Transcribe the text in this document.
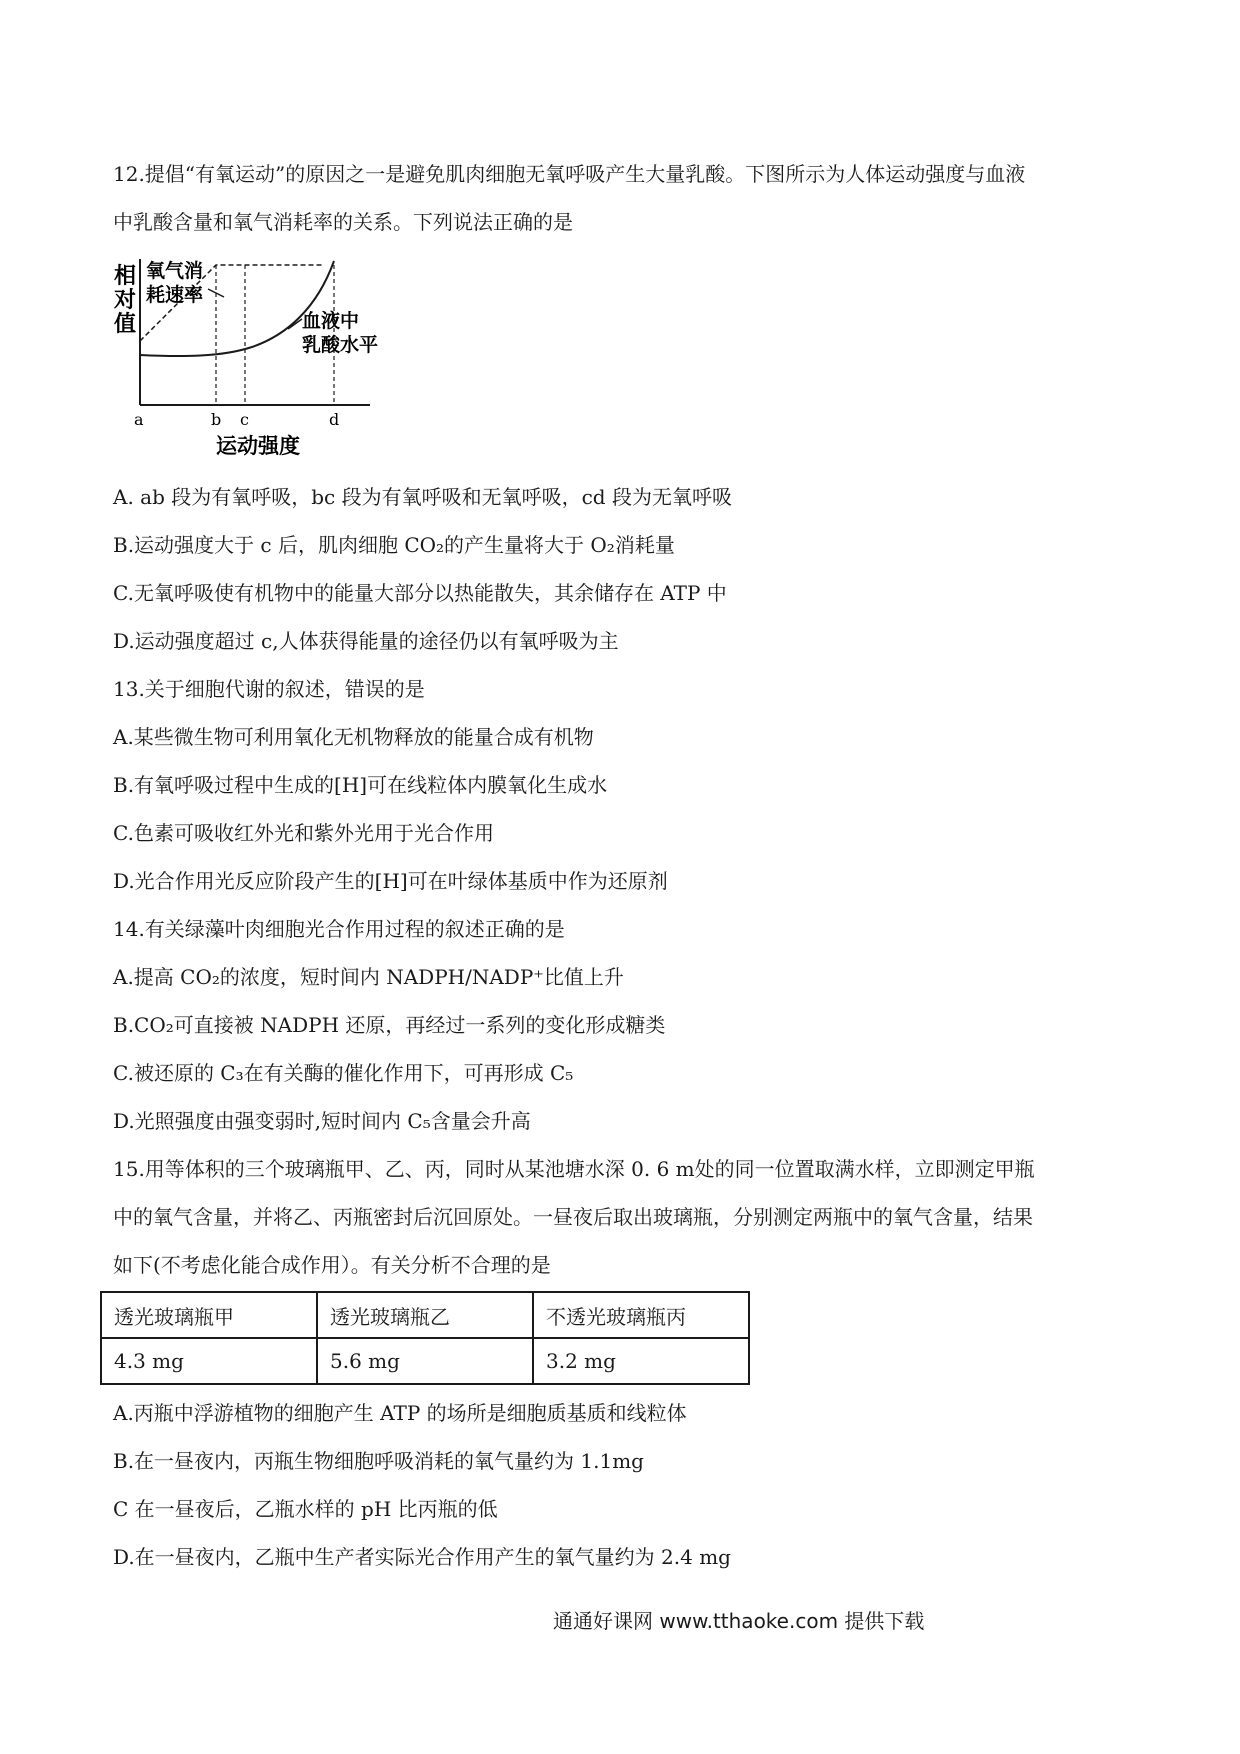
12.提倡“有氧运动”的原因之一是避免肌肉细胞无氧呼吸产生大量乳酸。下图所示为人体运动强度与血液
中乳酸含量和氧气消耗率的关系。下列说法正确的是
相
对
值
氧气消
耗速率
血液中
乳酸水平
a	b c	d
运动强度
A. ab 段为有氧呼吸，bc 段为有氧呼吸和无氧呼吸，cd 段为无氧呼吸
B.运动强度大于 c 后，肌肉细胞 CO₂的产生量将大于 O₂消耗量
C.无氧呼吸使有机物中的能量大部分以热能散失，其余储存在 ATP 中
D.运动强度超过 c,人体获得能量的途径仍以有氧呼吸为主
13.关于细胞代谢的叙述，错误的是
A.某些微生物可利用氧化无机物释放的能量合成有机物
B.有氧呼吸过程中生成的[H]可在线粒体内膜氧化生成水
C.色素可吸收红外光和紫外光用于光合作用
D.光合作用光反应阶段产生的[H]可在叶绿体基质中作为还原剂
14.有关绿藻叶肉细胞光合作用过程的叙述正确的是
A.提高 CO₂的浓度，短时间内 NADPH/NADP⁺比值上升
B.CO₂可直接被 NADPH 还原，再经过一系列的变化形成糖类
C.被还原的 C₃在有关酶的催化作用下，可再形成 C₅
D.光照强度由强变弱时,短时间内 C₅含量会升高
15.用等体积的三个玻璃瓶甲、乙、丙，同时从某池塘水深 0. 6 m处的同一位置取满水样，立即测定甲瓶
中的氧气含量，并将乙、丙瓶密封后沉回原处。一昼夜后取出玻璃瓶，分别测定两瓶中的氧气含量，结果
如下(不考虑化能合成作用）。有关分析不合理的是
透光玻璃瓶甲	透光玻璃瓶乙	不透光玻璃瓶丙
4.3 mg	5.6 mg	3.2 mg
A.丙瓶中浮游植物的细胞产生 ATP 的场所是细胞质基质和线粒体
B.在一昼夜内，丙瓶生物细胞呼吸消耗的氧气量约为 1.1mg
C 在一昼夜后，乙瓶水样的 pH 比丙瓶的低
D.在一昼夜内，乙瓶中生产者实际光合作用产生的氧气量约为 2.4 mg
通通好课网 www.tthaoke.com 提供下载
